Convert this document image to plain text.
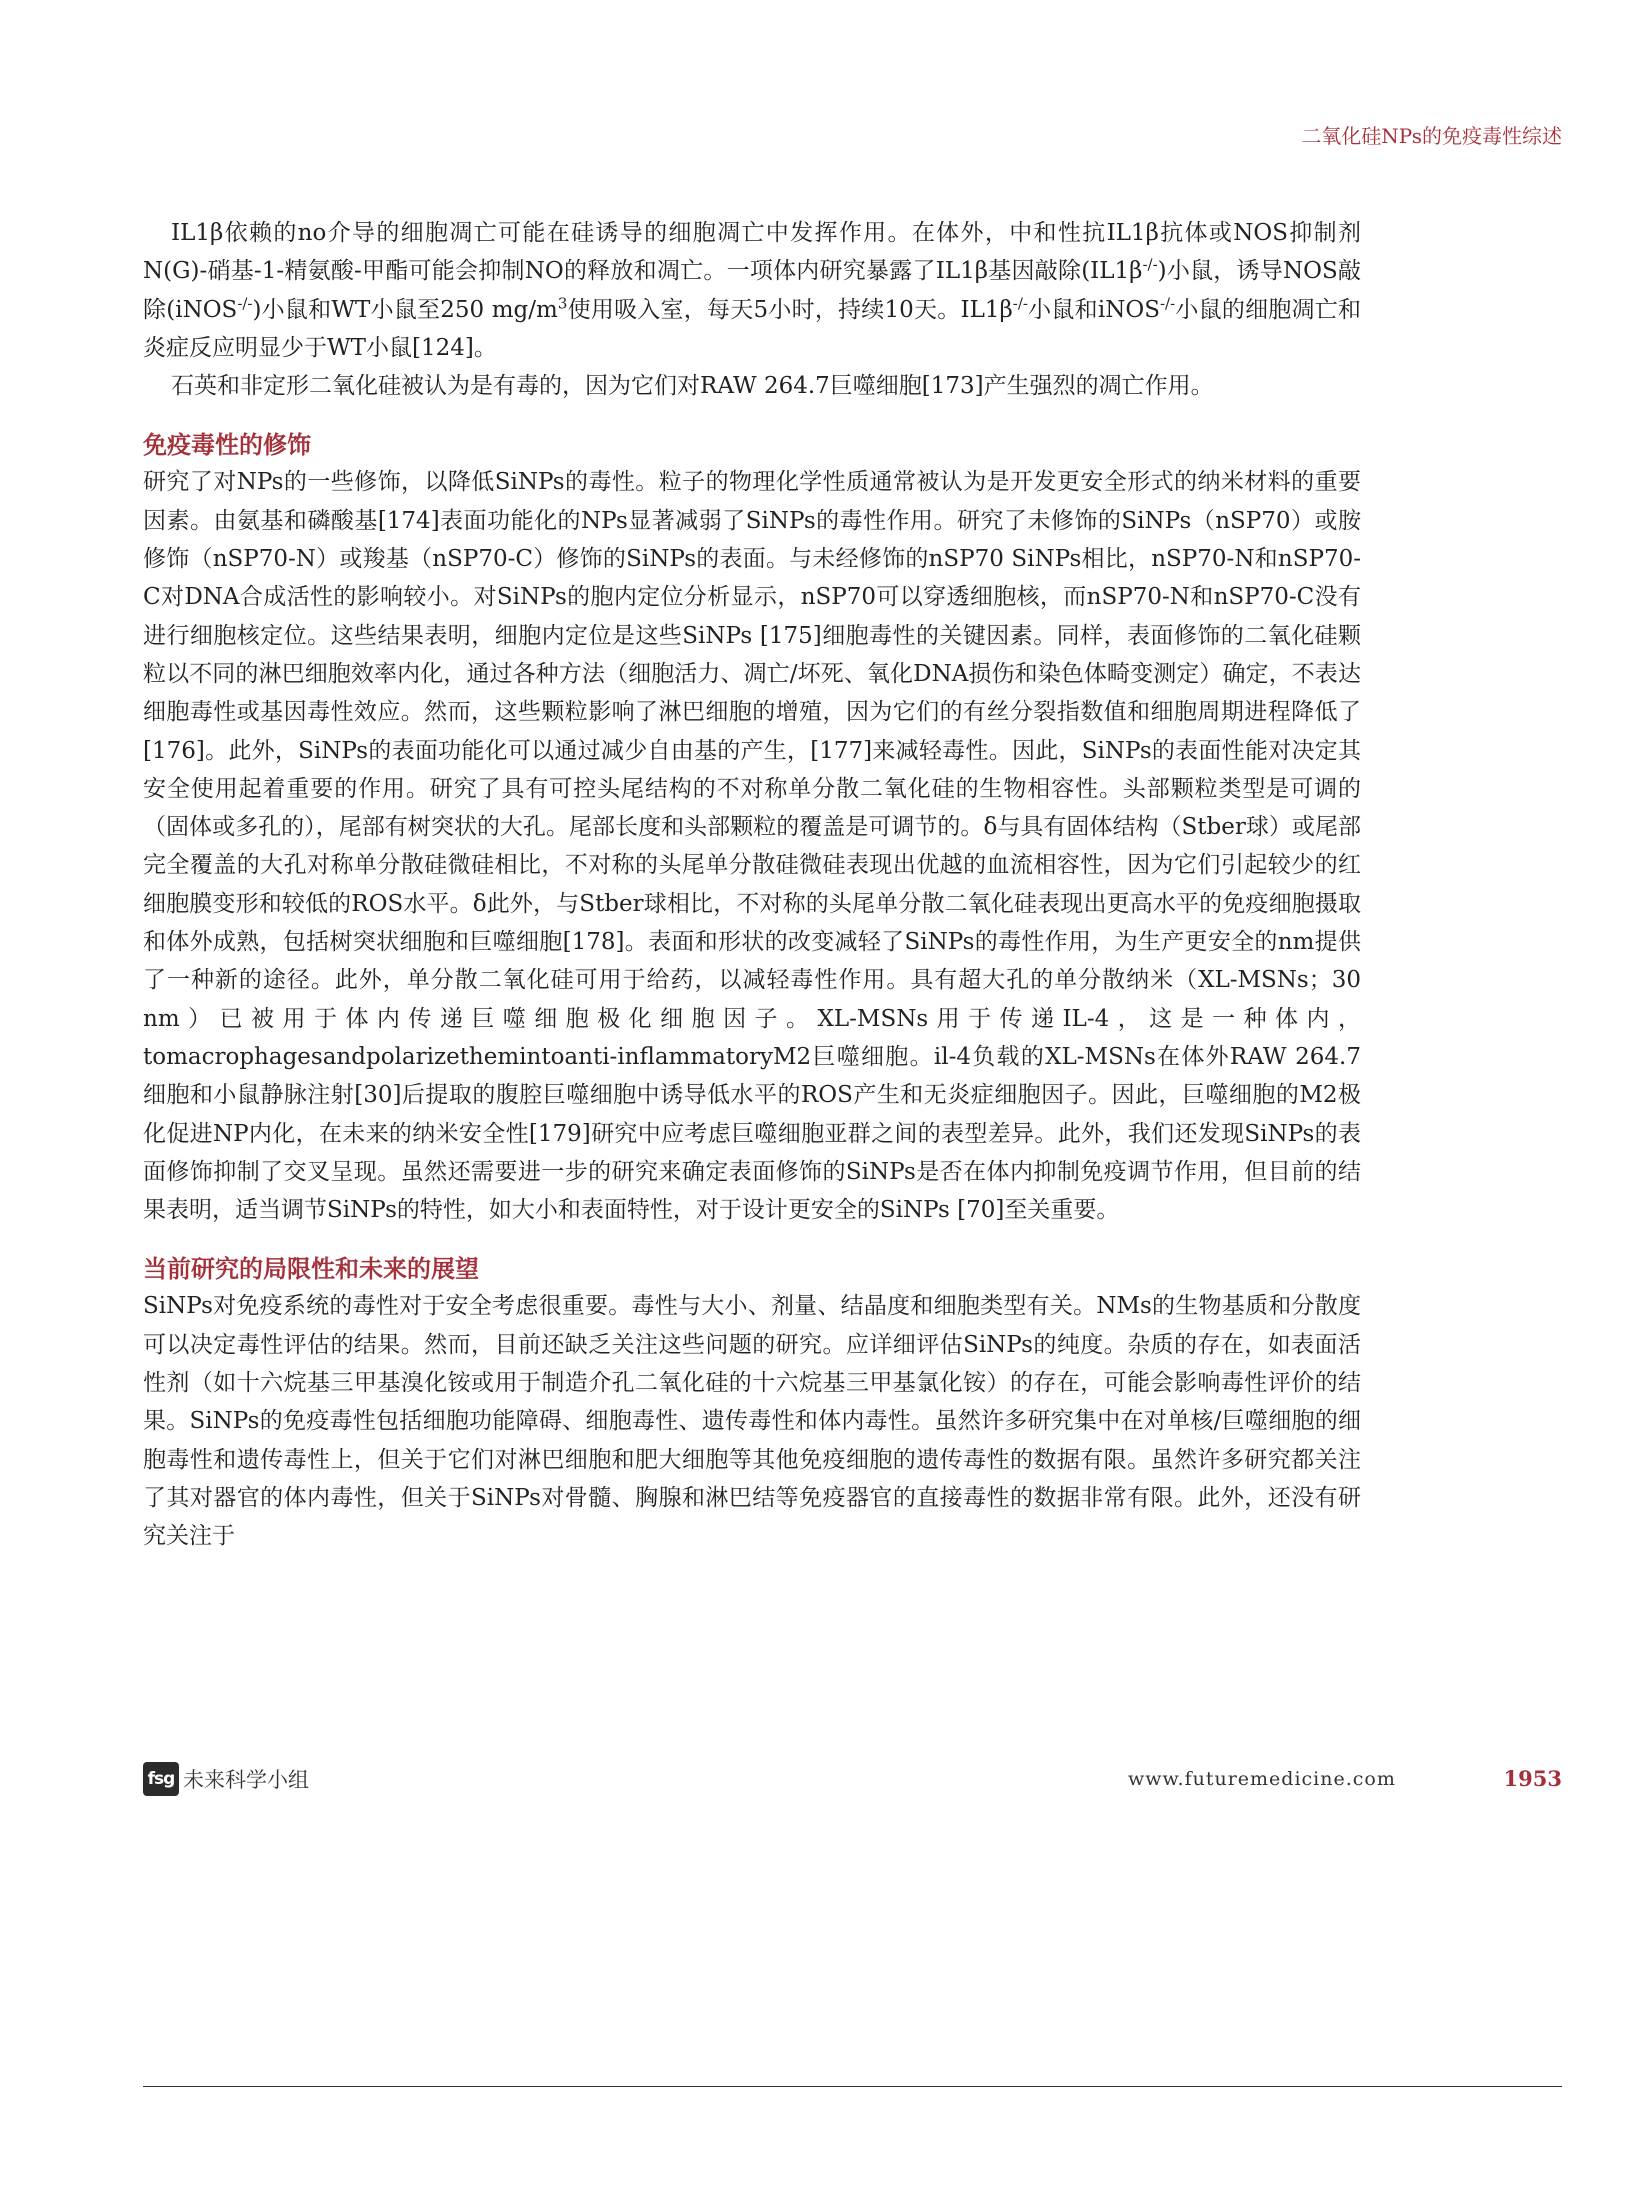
二氧化硅NPs的免疫毒性综述

IL1β依赖的no介导的细胞凋亡可能在硅诱导的细胞凋亡中发挥作用。在体外，中和性抗IL1β抗体或NOS抑制剂N(G)-硝基-1-精氨酸-甲酯可能会抑制NO的释放和凋亡。一项体内研究暴露了IL1β基因敲除(IL1β-/-)小鼠，诱导NOS敲除(iNOS-/-)小鼠和WT小鼠至250 $mg/m^3$使用吸入室，每天5小时，持续10天。IL1β-/-小鼠和iNOS-/-小鼠的细胞凋亡和炎症反应明显少于WT小鼠[124]。

石英和非定形二氧化硅被认为是有毒的，因为它们对RAW 264.7巨噬细胞[173]产生强烈的凋亡作用。

免疫毒性的修饰

研究了对NPs的一些修饰，以降低SiNPs的毒性。粒子的物理化学性质通常被认为是开发更安全形式的纳米材料的重要因素。由氨基和磷酸基[174]表面功能化的NPs显著减弱了SiNPs的毒性作用。研究了未修饰的SiNPs（nSP70）或胺修饰（nSP70-N）或羧基（nSP70-C）修饰的SiNPs的表面。与未经修饰的nSP70 SiNPs相比，nSP70-N和nSP70-C对DNA合成活性的影响较小。对SiNPs的胞内定位分析显示，nSP70可以穿透细胞核，而nSP70-N和nSP70-C没有进行细胞核定位。这些结果表明，细胞内定位是这些SiNPs [175]细胞毒性的关键因素。同样，表面修饰的二氧化硅颗粒以不同的淋巴细胞效率内化，通过各种方法（细胞活力、凋亡/坏死、氧化DNA损伤和染色体畸变测定）确定，不表达细胞毒性或基因毒性效应。然而，这些颗粒影响了淋巴细胞的增殖，因为它们的有丝分裂指数值和细胞周期进程降低了[176]。此外，SiNPs的表面功能化可以通过减少自由基的产生，[177]来减轻毒性。因此，SiNPs的表面性能对决定其安全使用起着重要的作用。研究了具有可控头尾结构的不对称单分散二氧化硅的生物相容性。头部颗粒类型是可调的（固体或多孔的），尾部有树突状的大孔。尾部长度和头部颗粒的覆盖是可调节的。ẟ与具有固体结构（Stber球）或尾部完全覆盖的大孔对称单分散硅微硅相比，不对称的头尾单分散硅微硅表现出优越的血流相容性，因为它们引起较少的红细胞膜变形和较低的ROS水平。ẟ此外，与Stber球相比，不对称的头尾单分散二氧化硅表现出更高水平的免疫细胞摄取和体外成熟，包括树突状细胞和巨噬细胞[178]。表面和形状的改变减轻了SiNPs的毒性作用，为生产更安全的nm提供了一种新的途径。此外，单分散二氧化硅可用于给药，以减轻毒性作用。具有超大孔的单分散纳米（XL-MSNs；30 nm）已被用于体内传递巨噬细胞极化细胞因子。XL-MSNs用于传递IL-4，这是一种体内，tomacrophagesandpolarizethemintoanti-inflammatoryM2巨噬细胞。il-4负载的XL-MSNs在体外RAW 264.7细胞和小鼠静脉注射[30]后提取的腹腔巨噬细胞中诱导低水平的ROS产生和无炎症细胞因子。因此，巨噬细胞的M2极化促进NP内化，在未来的纳米安全性[179]研究中应考虑巨噬细胞亚群之间的表型差异。此外，我们还发现SiNPs的表面修饰抑制了交叉呈现。虽然还需要进一步的研究来确定表面修饰的SiNPs是否在体内抑制免疫调节作用，但目前的结果表明，适当调节SiNPs的特性，如大小和表面特性，对于设计更安全的SiNPs [70]至关重要。

当前研究的局限性和未来的展望

SiNPs对免疫系统的毒性对于安全考虑很重要。毒性与大小、剂量、结晶度和细胞类型有关。NMs的生物基质和分散度可以决定毒性评估的结果。然而，目前还缺乏关注这些问题的研究。应详细评估SiNPs的纯度。杂质的存在，如表面活性剂（如十六烷基三甲基溴化铵或用于制造介孔二氧化硅的十六烷基三甲基氯化铵）的存在，可能会影响毒性评价的结果。SiNPs的免疫毒性包括细胞功能障碍、细胞毒性、遗传毒性和体内毒性。虽然许多研究集中在对单核/巨噬细胞的细胞毒性和遗传毒性上，但关于它们对淋巴细胞和肥大细胞等其他免疫细胞的遗传毒性的数据有限。虽然许多研究都关注了其对器官的体内毒性，但关于SiNPs对骨髓、胸腺和淋巴结等免疫器官的直接毒性的数据非常有限。此外，还没有研究关注于

fsg 未来科学小组	www.futuremedicine.com	1953
